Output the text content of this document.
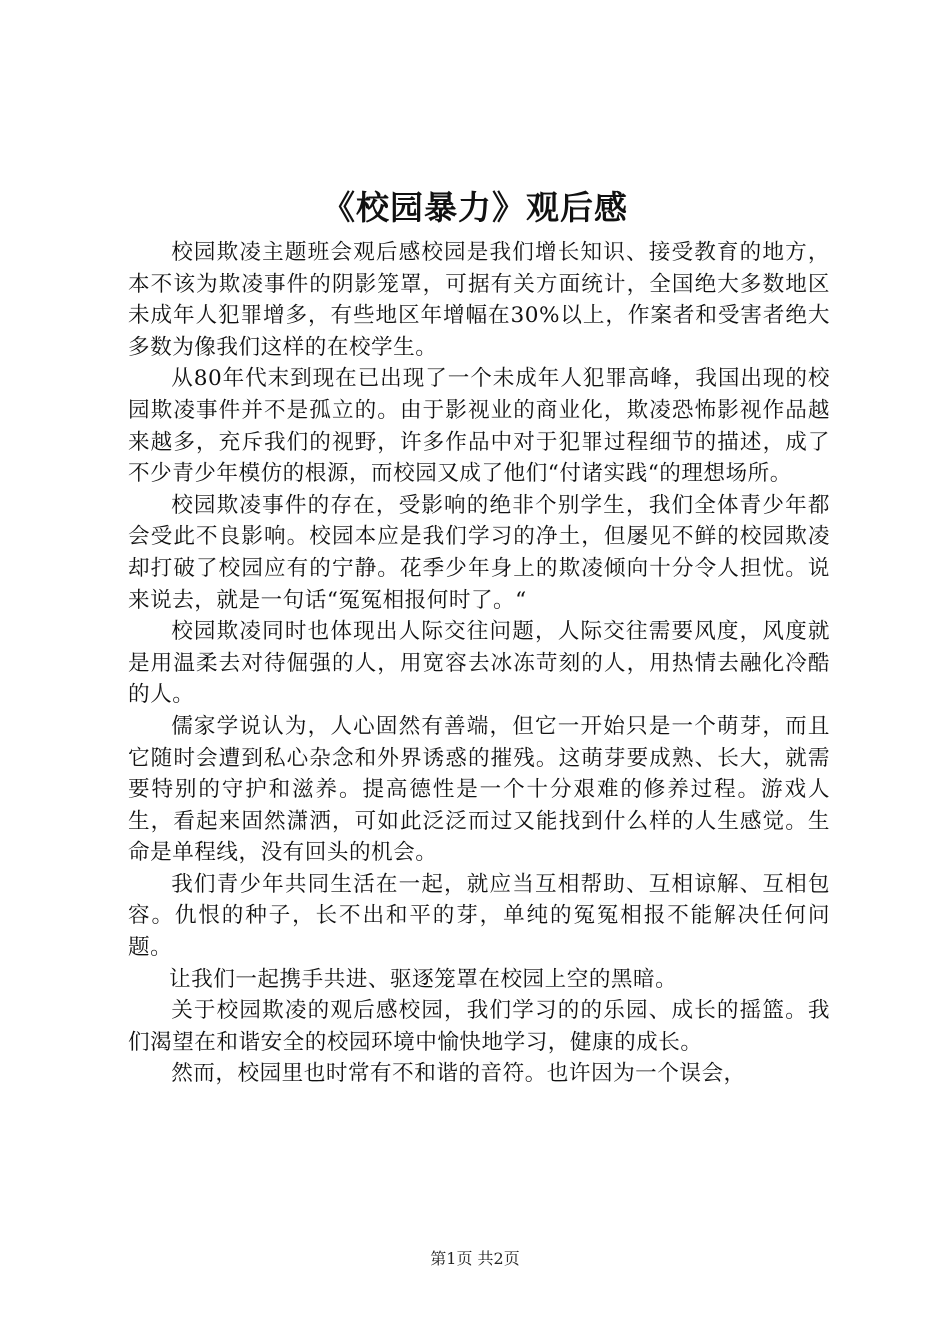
《校园暴力》观后感

校园欺凌主题班会观后感校园是我们增长知识、接受教育的地方，本不该为欺凌事件的阴影笼罩，可据有关方面统计，全国绝大多数地区未成年人犯罪增多，有些地区年增幅在30%以上，作案者和受害者绝大多数为像我们这样的在校学生。

从80年代末到现在已出现了一个未成年人犯罪高峰，我国出现的校园欺凌事件并不是孤立的。由于影视业的商业化，欺凌恐怖影视作品越来越多，充斥我们的视野，许多作品中对于犯罪过程细节的描述，成了不少青少年模仿的根源，而校园又成了他们“付诸实践“的理想场所。

校园欺凌事件的存在，受影响的绝非个别学生，我们全体青少年都会受此不良影响。校园本应是我们学习的净土，但屡见不鲜的校园欺凌却打破了校园应有的宁静。花季少年身上的欺凌倾向十分令人担忧。说来说去，就是一句话“冤冤相报何时了。“

校园欺凌同时也体现出人际交往问题，人际交往需要风度，风度就是用温柔去对待倔强的人，用宽容去冰冻苛刻的人，用热情去融化冷酷的人。

儒家学说认为，人心固然有善端，但它一开始只是一个萌芽，而且它随时会遭到私心杂念和外界诱惑的摧残。这萌芽要成熟、长大，就需要特别的守护和滋养。提高德性是一个十分艰难的修养过程。游戏人生，看起来固然潇洒，可如此泛泛而过又能找到什么样的人生感觉。生命是单程线，没有回头的机会。

我们青少年共同生活在一起，就应当互相帮助、互相谅解、互相包容。仇恨的种子，长不出和平的芽，单纯的冤冤相报不能解决任何问题。

让我们一起携手共进、驱逐笼罩在校园上空的黑暗。

关于校园欺凌的观后感校园，我们学习的的乐园、成长的摇篮。我们渴望在和谐安全的校园环境中愉快地学习，健康的成长。

然而，校园里也时常有不和谐的音符。也许因为一个误会，

第1页 共2页
